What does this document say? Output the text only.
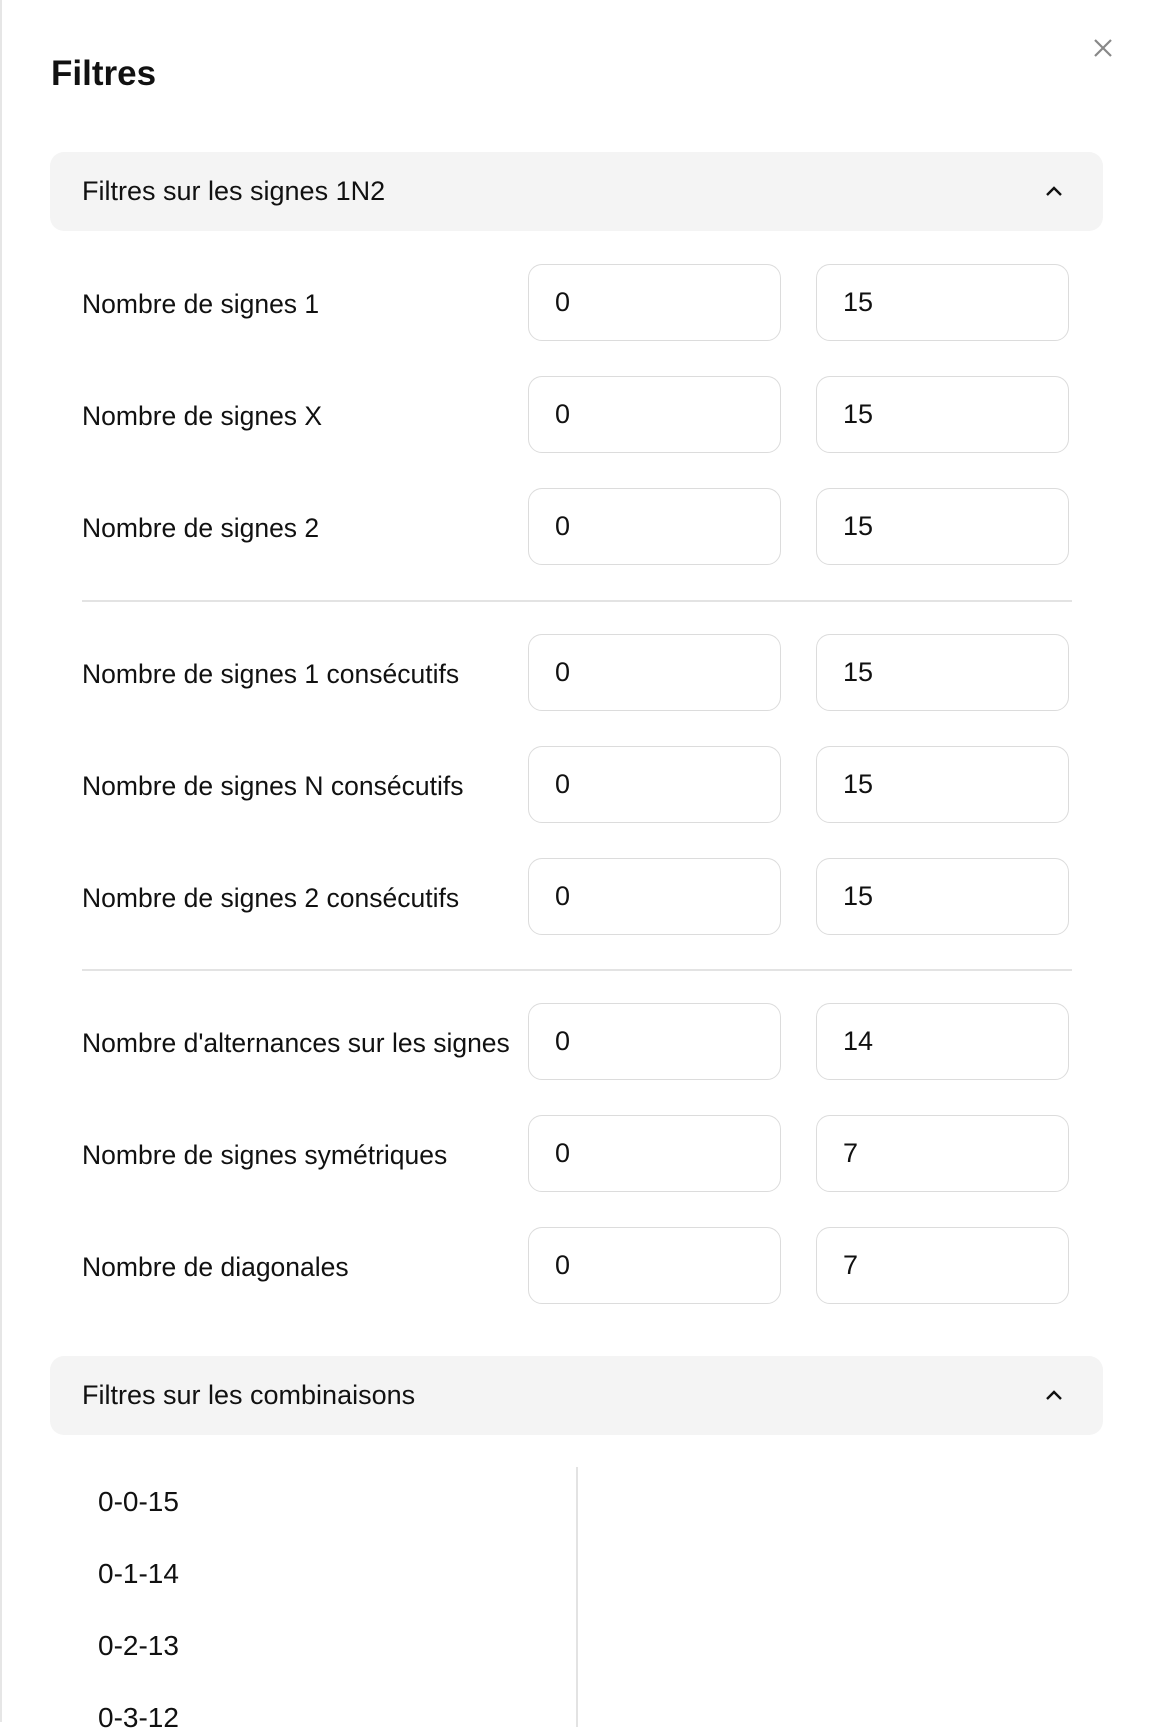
Filtres
Filtres sur les signes 1N2
Nombre de signes 1
0
15
Nombre de signes X
0
15
Nombre de signes 2
0
15
Nombre de signes 1 consécutifs
0
15
Nombre de signes N consécutifs
0
15
Nombre de signes 2 consécutifs
0
15
Nombre d'alternances sur les signes
0
14
Nombre de signes symétriques
0
7
Nombre de diagonales
0
7
Filtres sur les combinaisons
0-0-15
0-1-14
0-2-13
0-3-12
